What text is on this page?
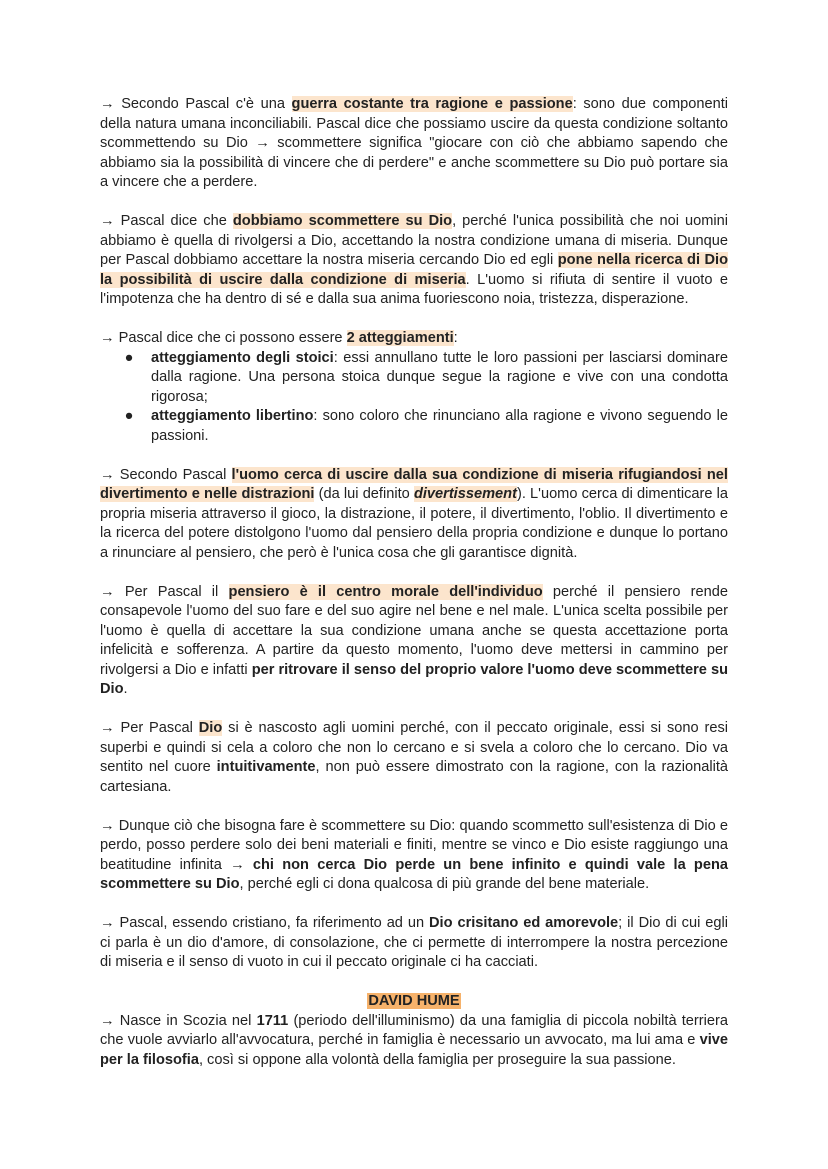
→ Secondo Pascal c'è una guerra costante tra ragione e passione: sono due componenti della natura umana inconciliabili. Pascal dice che possiamo uscire da questa condizione soltanto scommettendo su Dio → scommettere significa "giocare con ciò che abbiamo sapendo che abbiamo sia la possibilità di vincere che di perdere" e anche scommettere su Dio può portare sia a vincere che a perdere.

→ Pascal dice che dobbiamo scommettere su Dio, perché l'unica possibilità che noi uomini abbiamo è quella di rivolgersi a Dio, accettando la nostra condizione umana di miseria. Dunque per Pascal dobbiamo accettare la nostra miseria cercando Dio ed egli pone nella ricerca di Dio la possibilità di uscire dalla condizione di miseria. L'uomo si rifiuta di sentire il vuoto e l'impotenza che ha dentro di sé e dalla sua anima fuoriescono noia, tristezza, disperazione.

→ Pascal dice che ci possono essere 2 atteggiamenti:

● atteggiamento degli stoici: essi annullano tutte le loro passioni per lasciarsi dominare dalla ragione. Una persona stoica dunque segue la ragione e vive con una condotta rigorosa;
● atteggiamento libertino: sono coloro che rinunciano alla ragione e vivono seguendo le passioni.

→ Secondo Pascal l'uomo cerca di uscire dalla sua condizione di miseria rifugiandosi nel divertimento e nelle distrazioni (da lui definito divertissement). L'uomo cerca di dimenticare la propria miseria attraverso il gioco, la distrazione, il potere, il divertimento, l'oblio. Il divertimento e la ricerca del potere distolgono l'uomo dal pensiero della propria condizione e dunque lo portano a rinunciare al pensiero, che però è l'unica cosa che gli garantisce dignità.

→ Per Pascal il pensiero è il centro morale dell'individuo perché il pensiero rende consapevole l'uomo del suo fare e del suo agire nel bene e nel male. L'unica scelta possibile per l'uomo è quella di accettare la sua condizione umana anche se questa accettazione porta infelicità e sofferenza. A partire da questo momento, l'uomo deve mettersi in cammino per rivolgersi a Dio e infatti per ritrovare il senso del proprio valore l'uomo deve scommettere su Dio.

→ Per Pascal Dio si è nascosto agli uomini perché, con il peccato originale, essi si sono resi superbi e quindi si cela a coloro che non lo cercano e si svela a coloro che lo cercano. Dio va sentito nel cuore intuitivamente, non può essere dimostrato con la ragione, con la razionalità cartesiana.

→ Dunque ciò che bisogna fare è scommettere su Dio: quando scommetto sull'esistenza di Dio e perdo, posso perdere solo dei beni materiali e finiti, mentre se vinco e Dio esiste raggiungo una beatitudine infinita → chi non cerca Dio perde un bene infinito e quindi vale la pena scommettere su Dio, perché egli ci dona qualcosa di più grande del bene materiale.

→ Pascal, essendo cristiano, fa riferimento ad un Dio crisitano ed amorevole; il Dio di cui egli ci parla è un dio d'amore, di consolazione, che ci permette di interrompere la nostra percezione di miseria e il senso di vuoto in cui il peccato originale ci ha cacciati.

DAVID HUME

→ Nasce in Scozia nel 1711 (periodo dell'illuminismo) da una famiglia di piccola nobiltà terriera che vuole avviarlo all'avvocatura, perché in famiglia è necessario un avvocato, ma lui ama e vive per la filosofia, così si oppone alla volontà della famiglia per proseguire la sua passione.
